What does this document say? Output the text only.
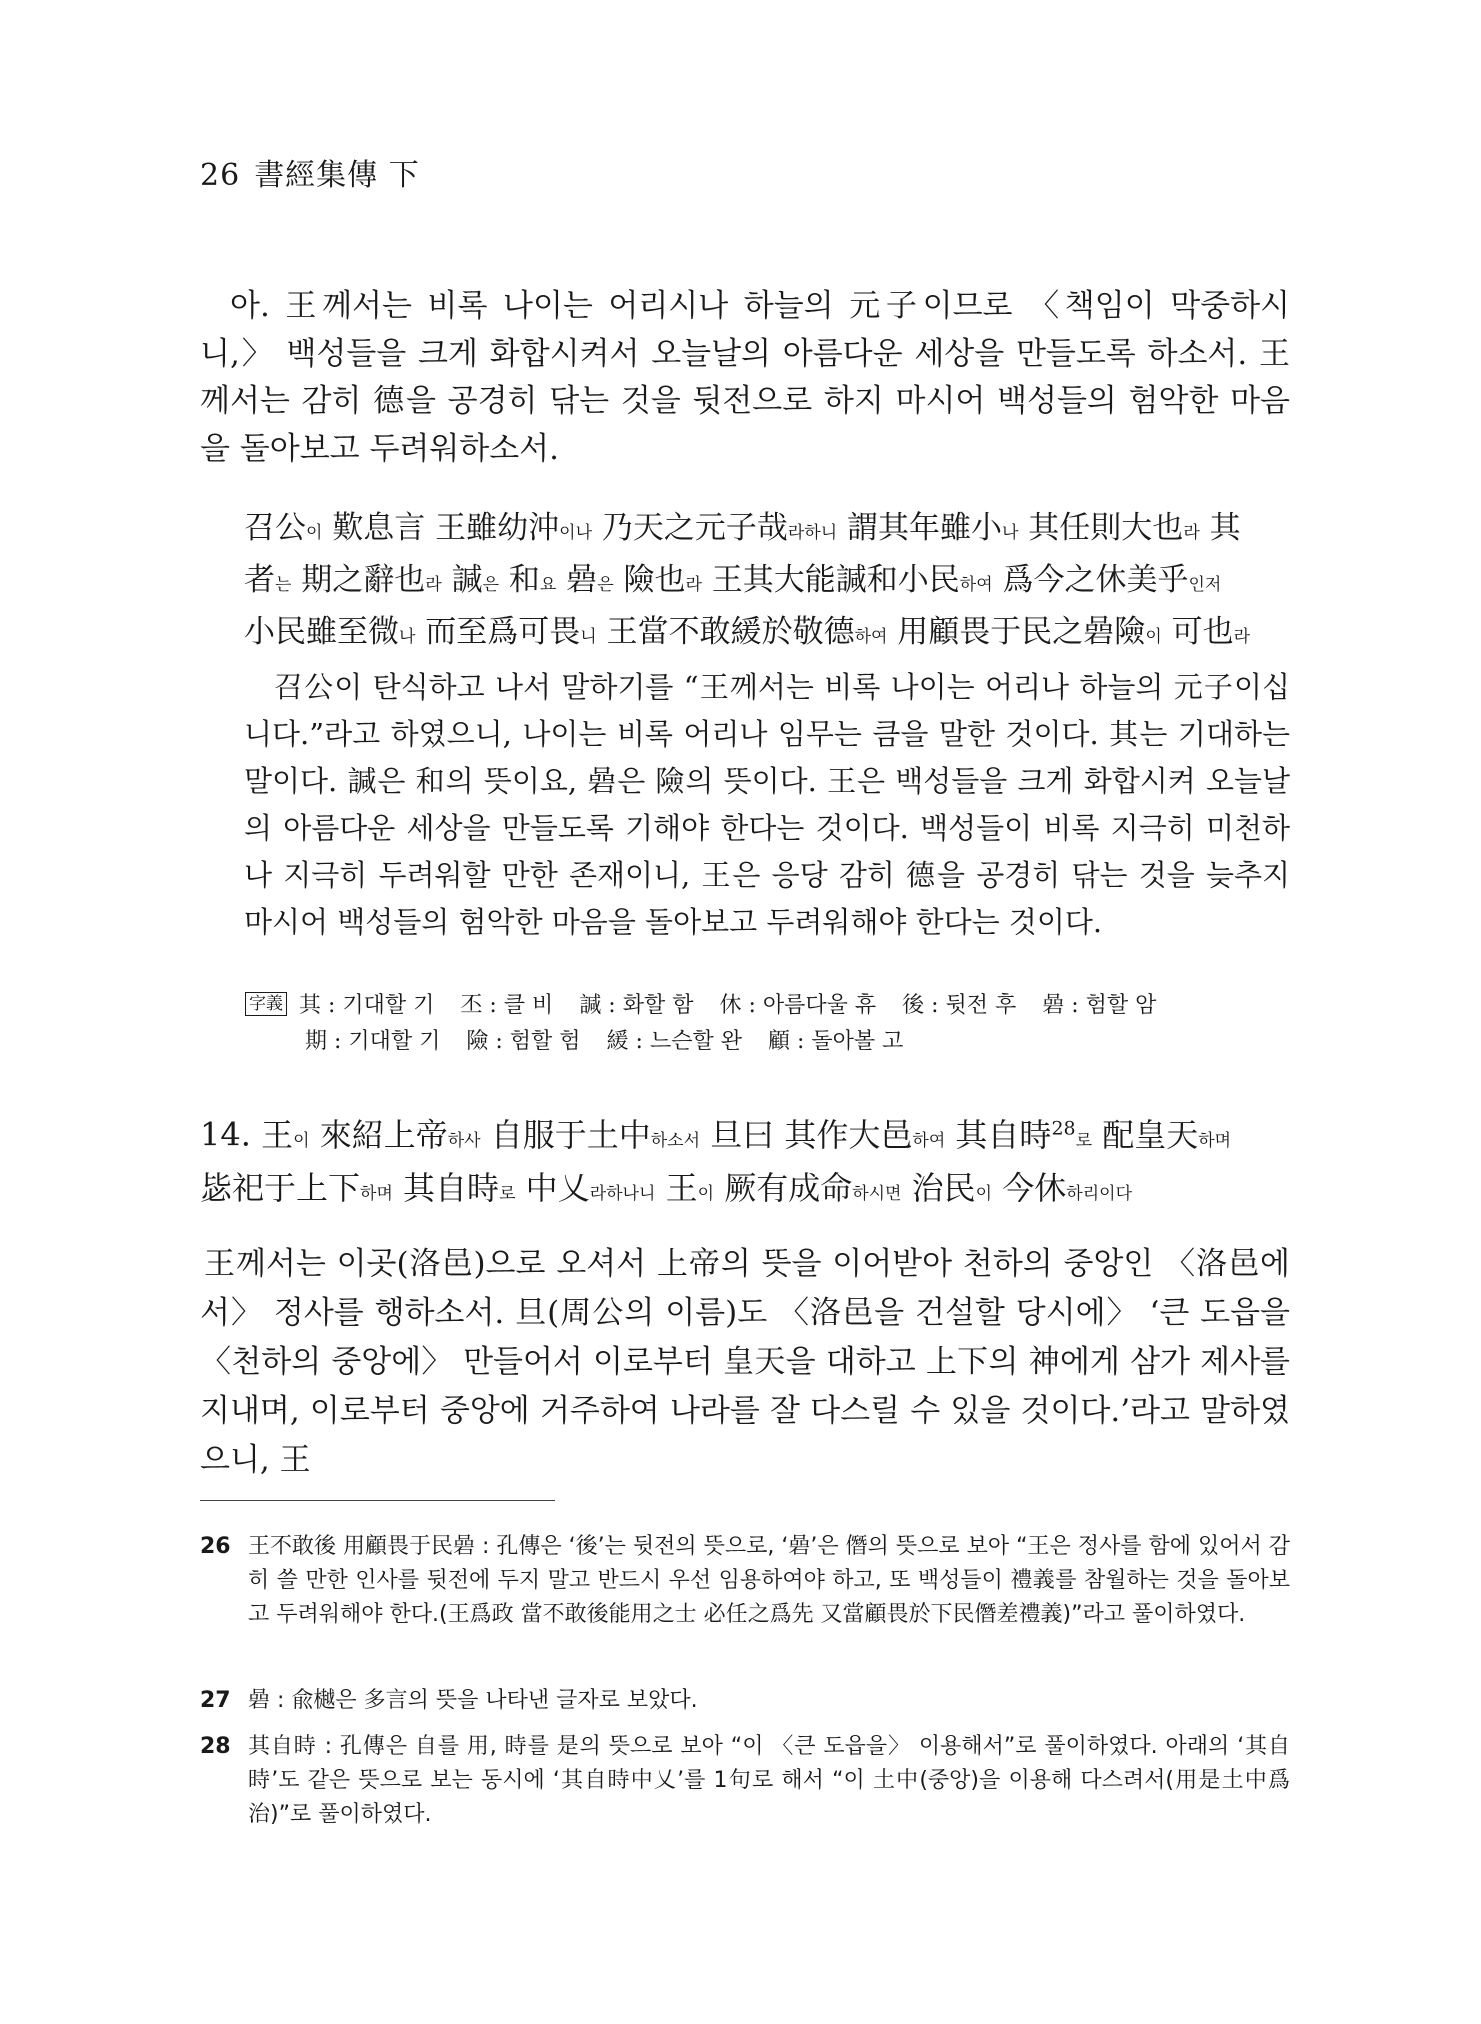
26 書經集傳 下

아. 王께서는 비록 나이는 어리시나 하늘의 元子이므로 〈책임이 막중하시니,〉 백성들을 크게 화합시켜서 오늘날의 아름다운 세상을 만들도록 하소서. 王께서는 감히 德을 공경히 닦는 것을 뒷전으로 하지 마시어 백성들의 험악한 마음을 돌아보고 두려워하소서.

召公이 歎息言 王雖幼沖이나 乃天之元子哉라하니 謂其年雖小나 其任則大也라 其

者는 期之辭也라 諴은 和요 碞은 險也라 王其大能諴和小民하여 爲今之休美乎인저

小民雖至微나 而至爲可畏니 王當不敢緩於敬德하여 用顧畏于民之碞險이 可也라

召公이 탄식하고 나서 말하기를 “王께서는 비록 나이는 어리나 하늘의 元子이십니다.”라고 하였으니, 나이는 비록 어리나 임무는 큼을 말한 것이다. 其는 기대하는 말이다. 諴은 和의 뜻이요, 碞은 險의 뜻이다. 王은 백성들을 크게 화합시켜 오늘날의 아름다운 세상을 만들도록 기해야 한다는 것이다. 백성들이 비록 지극히 미천하나 지극히 두려워할 만한 존재이니, 王은 응당 감히 德을 공경히 닦는 것을 늦추지 마시어 백성들의 험악한 마음을 돌아보고 두려워해야 한다는 것이다.

字義 其 : 기대할 기 丕 : 클 비 諴 : 화할 함 休 : 아름다울 휴 後 : 뒷전 후 碞 : 험할 암
期 : 기대할 기 險 : 험할 험 緩 : 느슨할 완 顧 : 돌아볼 고

14. 王이 來紹上帝하사 自服于土中하소서 旦曰 其作大邑하여 其自時$^{28}$로 配皇天하며

毖祀于上下하며 其自時로 中乂라하나니 王이 厥有成命하시면 治民이 今休하리이다

王께서는 이곳(洛邑)으로 오셔서 上帝의 뜻을 이어받아 천하의 중앙인 〈洛邑에서〉 정사를 행하소서. 旦(周公의 이름)도 〈洛邑을 건설할 당시에〉 ‘큰 도읍을 〈천하의 중앙에〉 만들어서 이로부터 皇天을 대하고 上下의 神에게 삼가 제사를 지내며, 이로부터 중앙에 거주하여 나라를 잘 다스릴 수 있을 것이다.’라고 말하였으니, 王

26 王不敢後 用顧畏于民碞 : 孔傳은 ‘後’는 뒷전의 뜻으로, ‘碞’은 僭의 뜻으로 보아 “王은 정사를 함에 있어서 감히 쓸 만한 인사를 뒷전에 두지 말고 반드시 우선 임용하여야 하고, 또 백성들이 禮義를 참월하는 것을 돌아보고 두려워해야 한다.(王爲政 當不敢後能用之士 必任之爲先 又當顧畏於下民僭差禮義)”라고 풀이하였다.
27 碞 : 兪樾은 多言의 뜻을 나타낸 글자로 보았다.
28 其自時 : 孔傳은 自를 用, 時를 是의 뜻으로 보아 “이 〈큰 도읍을〉 이용해서”로 풀이하였다. 아래의 ‘其自時’도 같은 뜻으로 보는 동시에 ‘其自時中乂’를 1句로 해서 “이 土中(중앙)을 이용해 다스려서(用是土中爲治)”로 풀이하였다.
